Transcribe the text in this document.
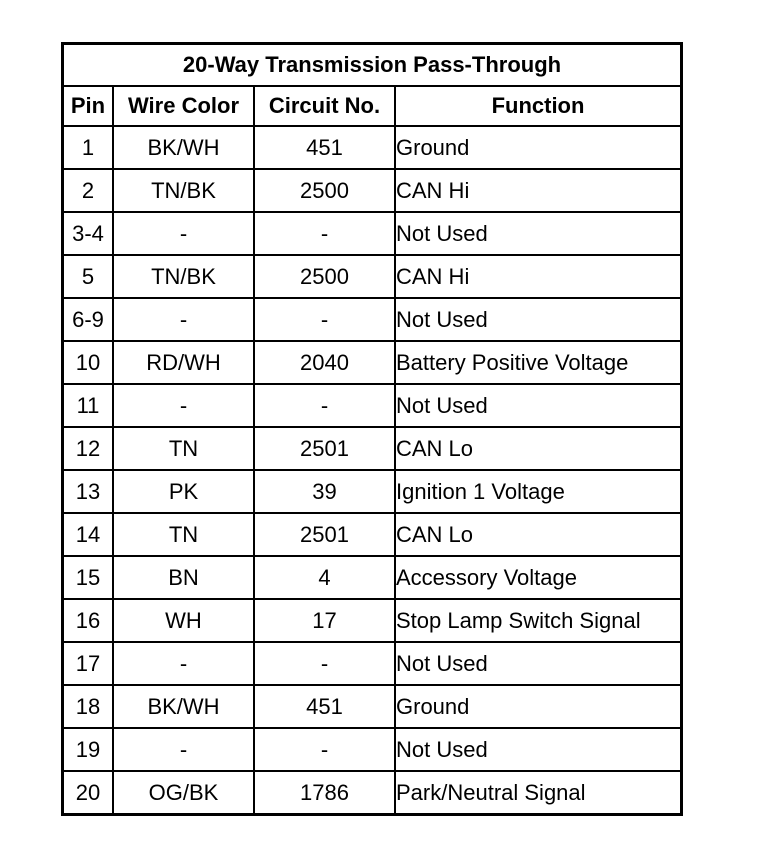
20-Way Transmission Pass-Through			
Pin	Wire Color	Circuit No.	Function
1	BK/WH	451	Ground
2	TN/BK	2500	CAN Hi
3-4	-	-	Not Used
5	TN/BK	2500	CAN Hi
6-9	-	-	Not Used
10	RD/WH	2040	Battery Positive Voltage
11	-	-	Not Used
12	TN	2501	CAN Lo
13	PK	39	Ignition 1 Voltage
14	TN	2501	CAN Lo
15	BN	4	Accessory Voltage
16	WH	17	Stop Lamp Switch Signal
17	-	-	Not Used
18	BK/WH	451	Ground
19	-	-	Not Used
20	OG/BK	1786	Park/Neutral Signal
